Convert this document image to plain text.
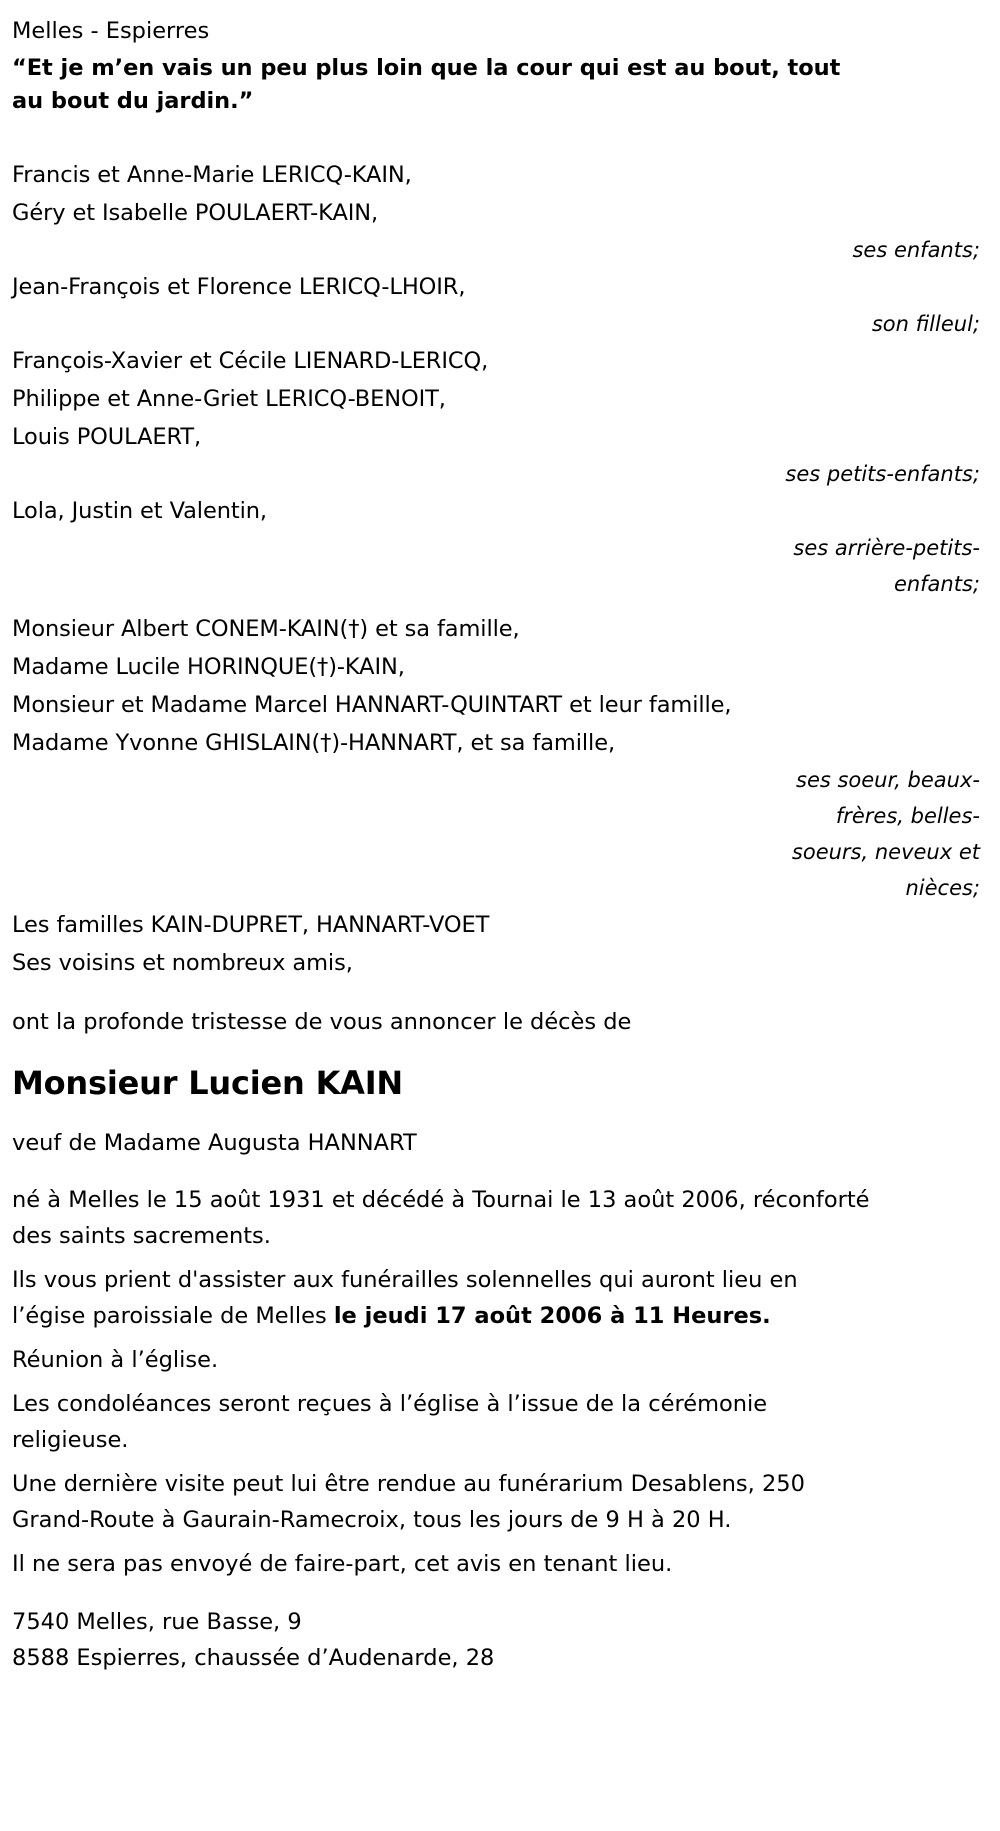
Melles - Espierres
“Et je m’en vais un peu plus loin que la cour qui est au bout, tout au bout du jardin.”
Francis et Anne-Marie LERICQ-KAIN,
Géry et Isabelle POULAERT-KAIN,
ses enfants;
Jean-François et Florence LERICQ-LHOIR,
son filleul;
François-Xavier et Cécile LIENARD-LERICQ,
Philippe et Anne-Griet LERICQ-BENOIT,
Louis POULAERT,
ses petits-enfants;
Lola, Justin et Valentin,
ses arrière-petits-
enfants;
Monsieur Albert CONEM-KAIN(†) et sa famille,
Madame Lucile HORINQUE(†)-KAIN,
Monsieur et Madame Marcel HANNART-QUINTART et leur famille,
Madame Yvonne GHISLAIN(†)-HANNART, et sa famille,
ses soeur, beaux-
frères, belles-
soeurs, neveux et
nièces;
Les familles KAIN-DUPRET, HANNART-VOET
Ses voisins et nombreux amis,
ont la profonde tristesse de vous annoncer le décès de
Monsieur Lucien KAIN
veuf de Madame Augusta HANNART
né à Melles le 15 août 1931 et décédé à Tournai le 13 août 2006, réconforté des saints sacrements.
Ils vous prient d'assister aux funérailles solennelles qui auront lieu en l’égise paroissiale de Melles le jeudi 17 août 2006 à 11 Heures.
Réunion à l’église.
Les condoléances seront reçues à l’église à l’issue de la cérémonie religieuse.
Une dernière visite peut lui être rendue au funérarium Desablens, 250 Grand-Route à Gaurain-Ramecroix, tous les jours de 9 H à 20 H.
Il ne sera pas envoyé de faire-part, cet avis en tenant lieu.
7540 Melles, rue Basse, 9
8588 Espierres, chaussée d’Audenarde, 28
